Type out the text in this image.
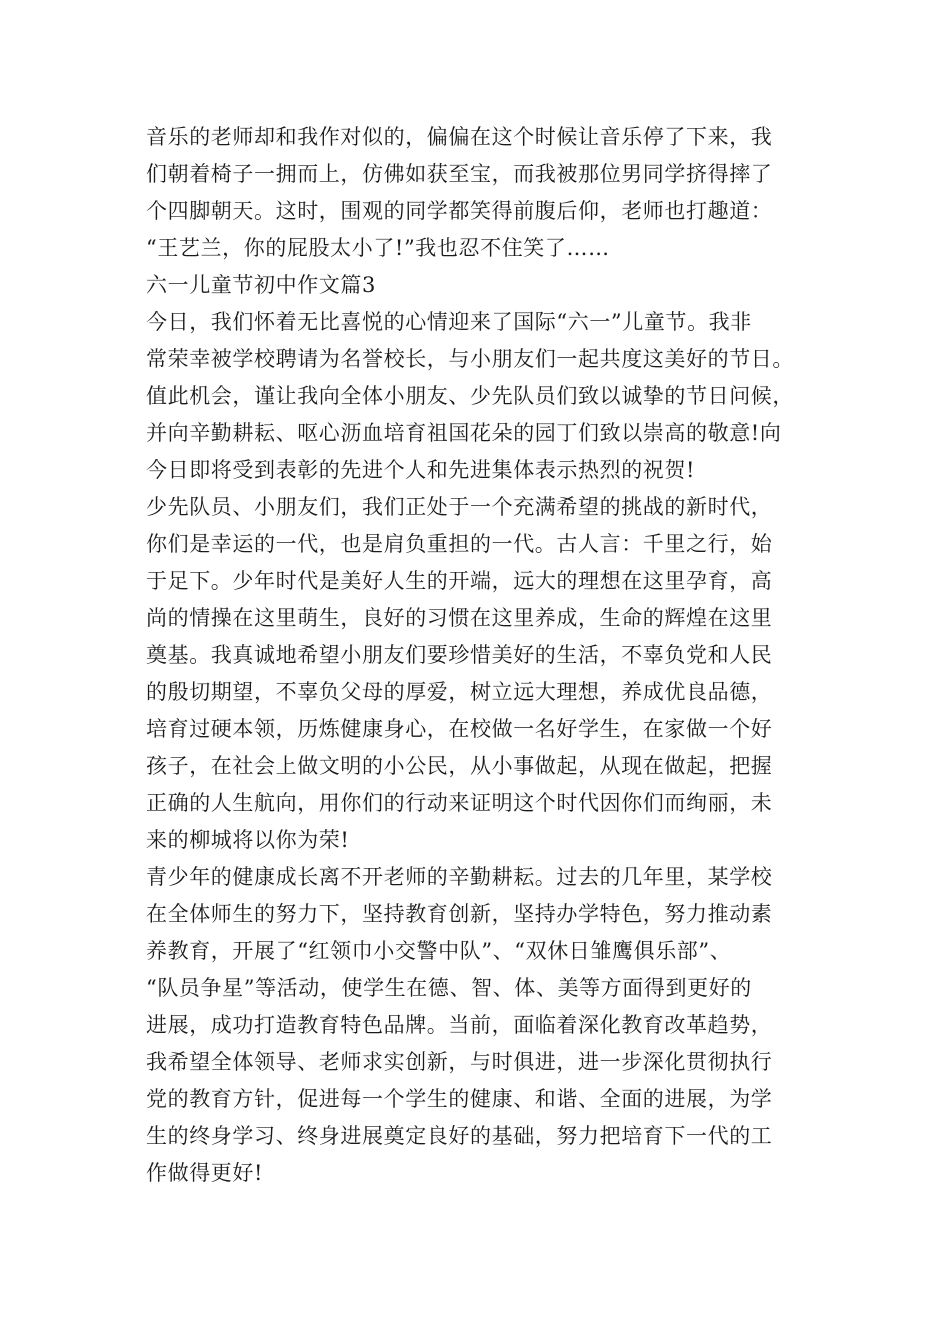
音乐的老师却和我作对似的，偏偏在这个时候让音乐停了下来，我
们朝着椅子一拥而上，仿佛如获至宝，而我被那位男同学挤得摔了
个四脚朝天。这时，围观的同学都笑得前腹后仰，老师也打趣道：
“王艺兰，你的屁股太小了!”我也忍不住笑了……
六一儿童节初中作文篇3
今日，我们怀着无比喜悦的心情迎来了国际“六一”儿童节。我非
常荣幸被学校聘请为名誉校长，与小朋友们一起共度这美好的节日。
值此机会，谨让我向全体小朋友、少先队员们致以诚挚的节日问候，
并向辛勤耕耘、呕心沥血培育祖国花朵的园丁们致以崇高的敬意!向
今日即将受到表彰的先进个人和先进集体表示热烈的祝贺!
少先队员、小朋友们，我们正处于一个充满希望的挑战的新时代，
你们是幸运的一代，也是肩负重担的一代。古人言：千里之行，始
于足下。少年时代是美好人生的开端，远大的理想在这里孕育，高
尚的情操在这里萌生，良好的习惯在这里养成，生命的辉煌在这里
奠基。我真诚地希望小朋友们要珍惜美好的生活，不辜负党和人民
的殷切期望，不辜负父母的厚爱，树立远大理想，养成优良品德，
培育过硬本领，历炼健康身心，在校做一名好学生，在家做一个好
孩子，在社会上做文明的小公民，从小事做起，从现在做起，把握
正确的人生航向，用你们的行动来证明这个时代因你们而绚丽，未
来的柳城将以你为荣!
青少年的健康成长离不开老师的辛勤耕耘。过去的几年里，某学校
在全体师生的努力下，坚持教育创新，坚持办学特色，努力推动素
养教育，开展了“红领巾小交警中队”、“双休日雏鹰俱乐部”、
“队员争星”等活动，使学生在德、智、体、美等方面得到更好的
进展，成功打造教育特色品牌。当前，面临着深化教育改革趋势，
我希望全体领导、老师求实创新，与时俱进，进一步深化贯彻执行
党的教育方针，促进每一个学生的健康、和谐、全面的进展，为学
生的终身学习、终身进展奠定良好的基础，努力把培育下一代的工
作做得更好!
